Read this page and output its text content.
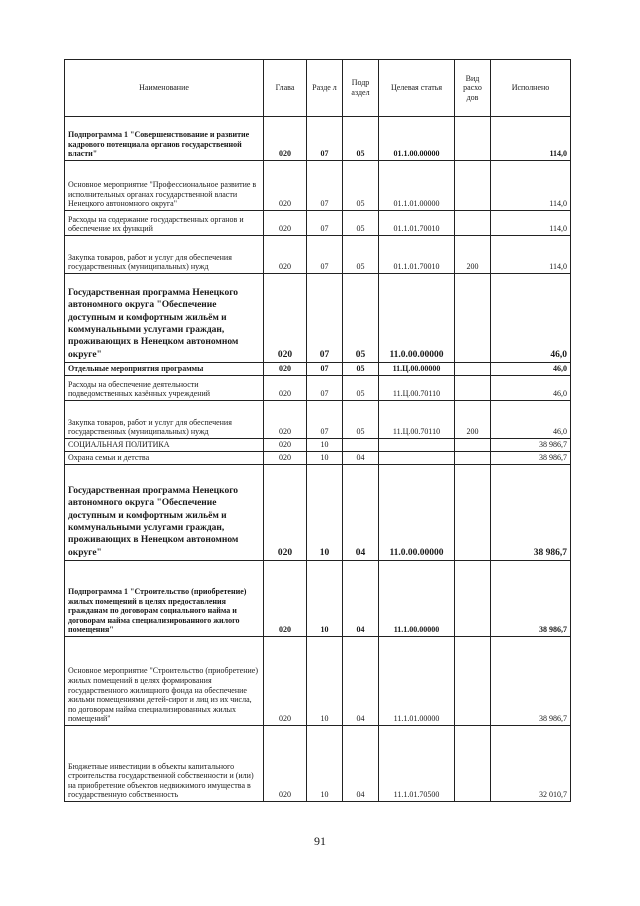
Наименование	Глава	Разде л	Подр аздел	Целевая статья	Вид расхо дов	Исполнено
Подпрограмма 1 "Совершенствование и развитие кадрового потенциала органов государственной власти"	020	07	05	01.1.00.00000		114,0
Основное мероприятие "Профессиональное развитие в исполнительных органах государственной власти Ненецкого автономного округа"	020	07	05	01.1.01.00000		114,0
Расходы на содержание государственных органов и обеспечение их функций	020	07	05	01.1.01.70010		114,0
Закупка товаров, работ и услуг для обеспечения государственных (муниципальных) нужд	020	07	05	01.1.01.70010	200	114,0
Государственная программа Ненецкого автономного округа "Обеспечение доступным и комфортным жильём и коммунальными услугами граждан, проживающих в Ненецком автономном округе"	020	07	05	11.0.00.00000		46,0
Отдельные мероприятия программы	020	07	05	11.Ц.00.00000		46,0
Расходы на обеспечение деятельности подведомственных казённых учреждений	020	07	05	11.Ц.00.70110		46,0
Закупка товаров, работ и услуг для обеспечения государственных (муниципальных) нужд	020	07	05	11.Ц.00.70110	200	46,0
СОЦИАЛЬНАЯ ПОЛИТИКА	020	10				38 986,7
Охрана семьи и детства	020	10	04			38 986,7
Государственная программа Ненецкого автономного округа "Обеспечение доступным и комфортным жильём и коммунальными услугами граждан, проживающих в Ненецком автономном округе"	020	10	04	11.0.00.00000		38 986,7
Подпрограмма 1 "Строительство (приобретение) жилых помещений в целях предоставления гражданам по договорам социального найма и договорам найма специализированного жилого помещения"	020	10	04	11.1.00.00000		38 986,7
Основное мероприятие "Строительство (приобретение) жилых помещений в целях формирования государственного жилищного фонда на обеспечение жильми помещениями детей-сирот и лиц из их числа, по договорам найма специализированных жилых помещений"	020	10	04	11.1.01.00000		38 986,7
Бюджетные инвестиции в объекты капитального строительства государственной собственности и (или) на приобретение объектов недвижимого имущества в государственную собственность	020	10	04	11.1.01.70500		32 010,7
91
